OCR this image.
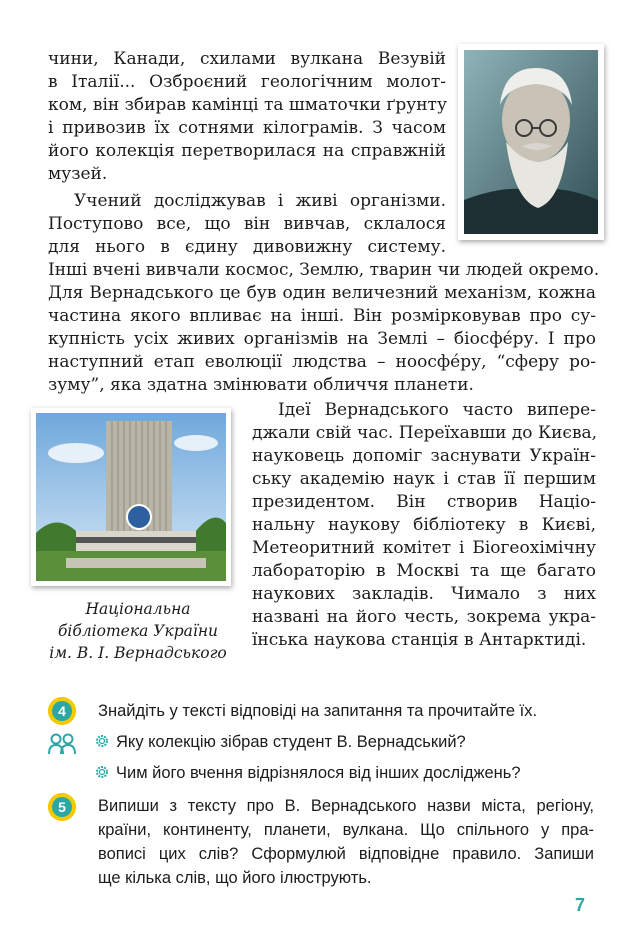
чини, Канади, схилами вулкана Везувій
в Італії... Озброєний геологічним молот-
ком, він збирав камінці та шматочки ґрунту
і привозив їх сотнями кілограмів. З часом
його колекція перетворилася на справжній
музей.
Учений досліджував і живі організми.
Поступово все, що він вивчав, склалося
для нього в єдину дивовижну систему.
Інші вчені вивчали космос, Землю, тварин чи людей окремо.
Для Вернадського це був один величезний механізм, кожна
частина якого впливає на інші. Він розмірковував про су-
купність усіх живих організмів на Землі – біосфе́ру. І про
наступний етап еволюції людства – ноосфе́ру, “сферу ро-
зуму”, яка здатна змінювати обличчя планети.
Національна
бібліотека України
ім. В. І. Вернадського
Ідеї Вернадського часто випере-
джали свій час. Переїхавши до Києва,
науковець допоміг заснувати Україн-
ську академію наук і став її першим
президентом. Він створив Націо-
нальну наукову бібліотеку в Києві,
Метеоритний комітет і Біогеохімічну
лабораторію в Москві та ще багато
наукових закладів. Чимало з них
названі на його честь, зокрема укра-
їнська наукова станція в Антарктиді.
4	Знайдіть у тексті відповіді на запитання та прочитайте їх.
Яку колекцію зібрав студент В. Вернадський?
Чим його вчення відрізнялося від інших досліджень?
5	Випиши з тексту про В. Вернадського назви міста, регіону,
країни, континенту, планети, вулкана. Що спільного у пра-
вописі цих слів? Сформулюй відповідне правило. Запиши
ще кілька слів, що його ілюструють.
7
